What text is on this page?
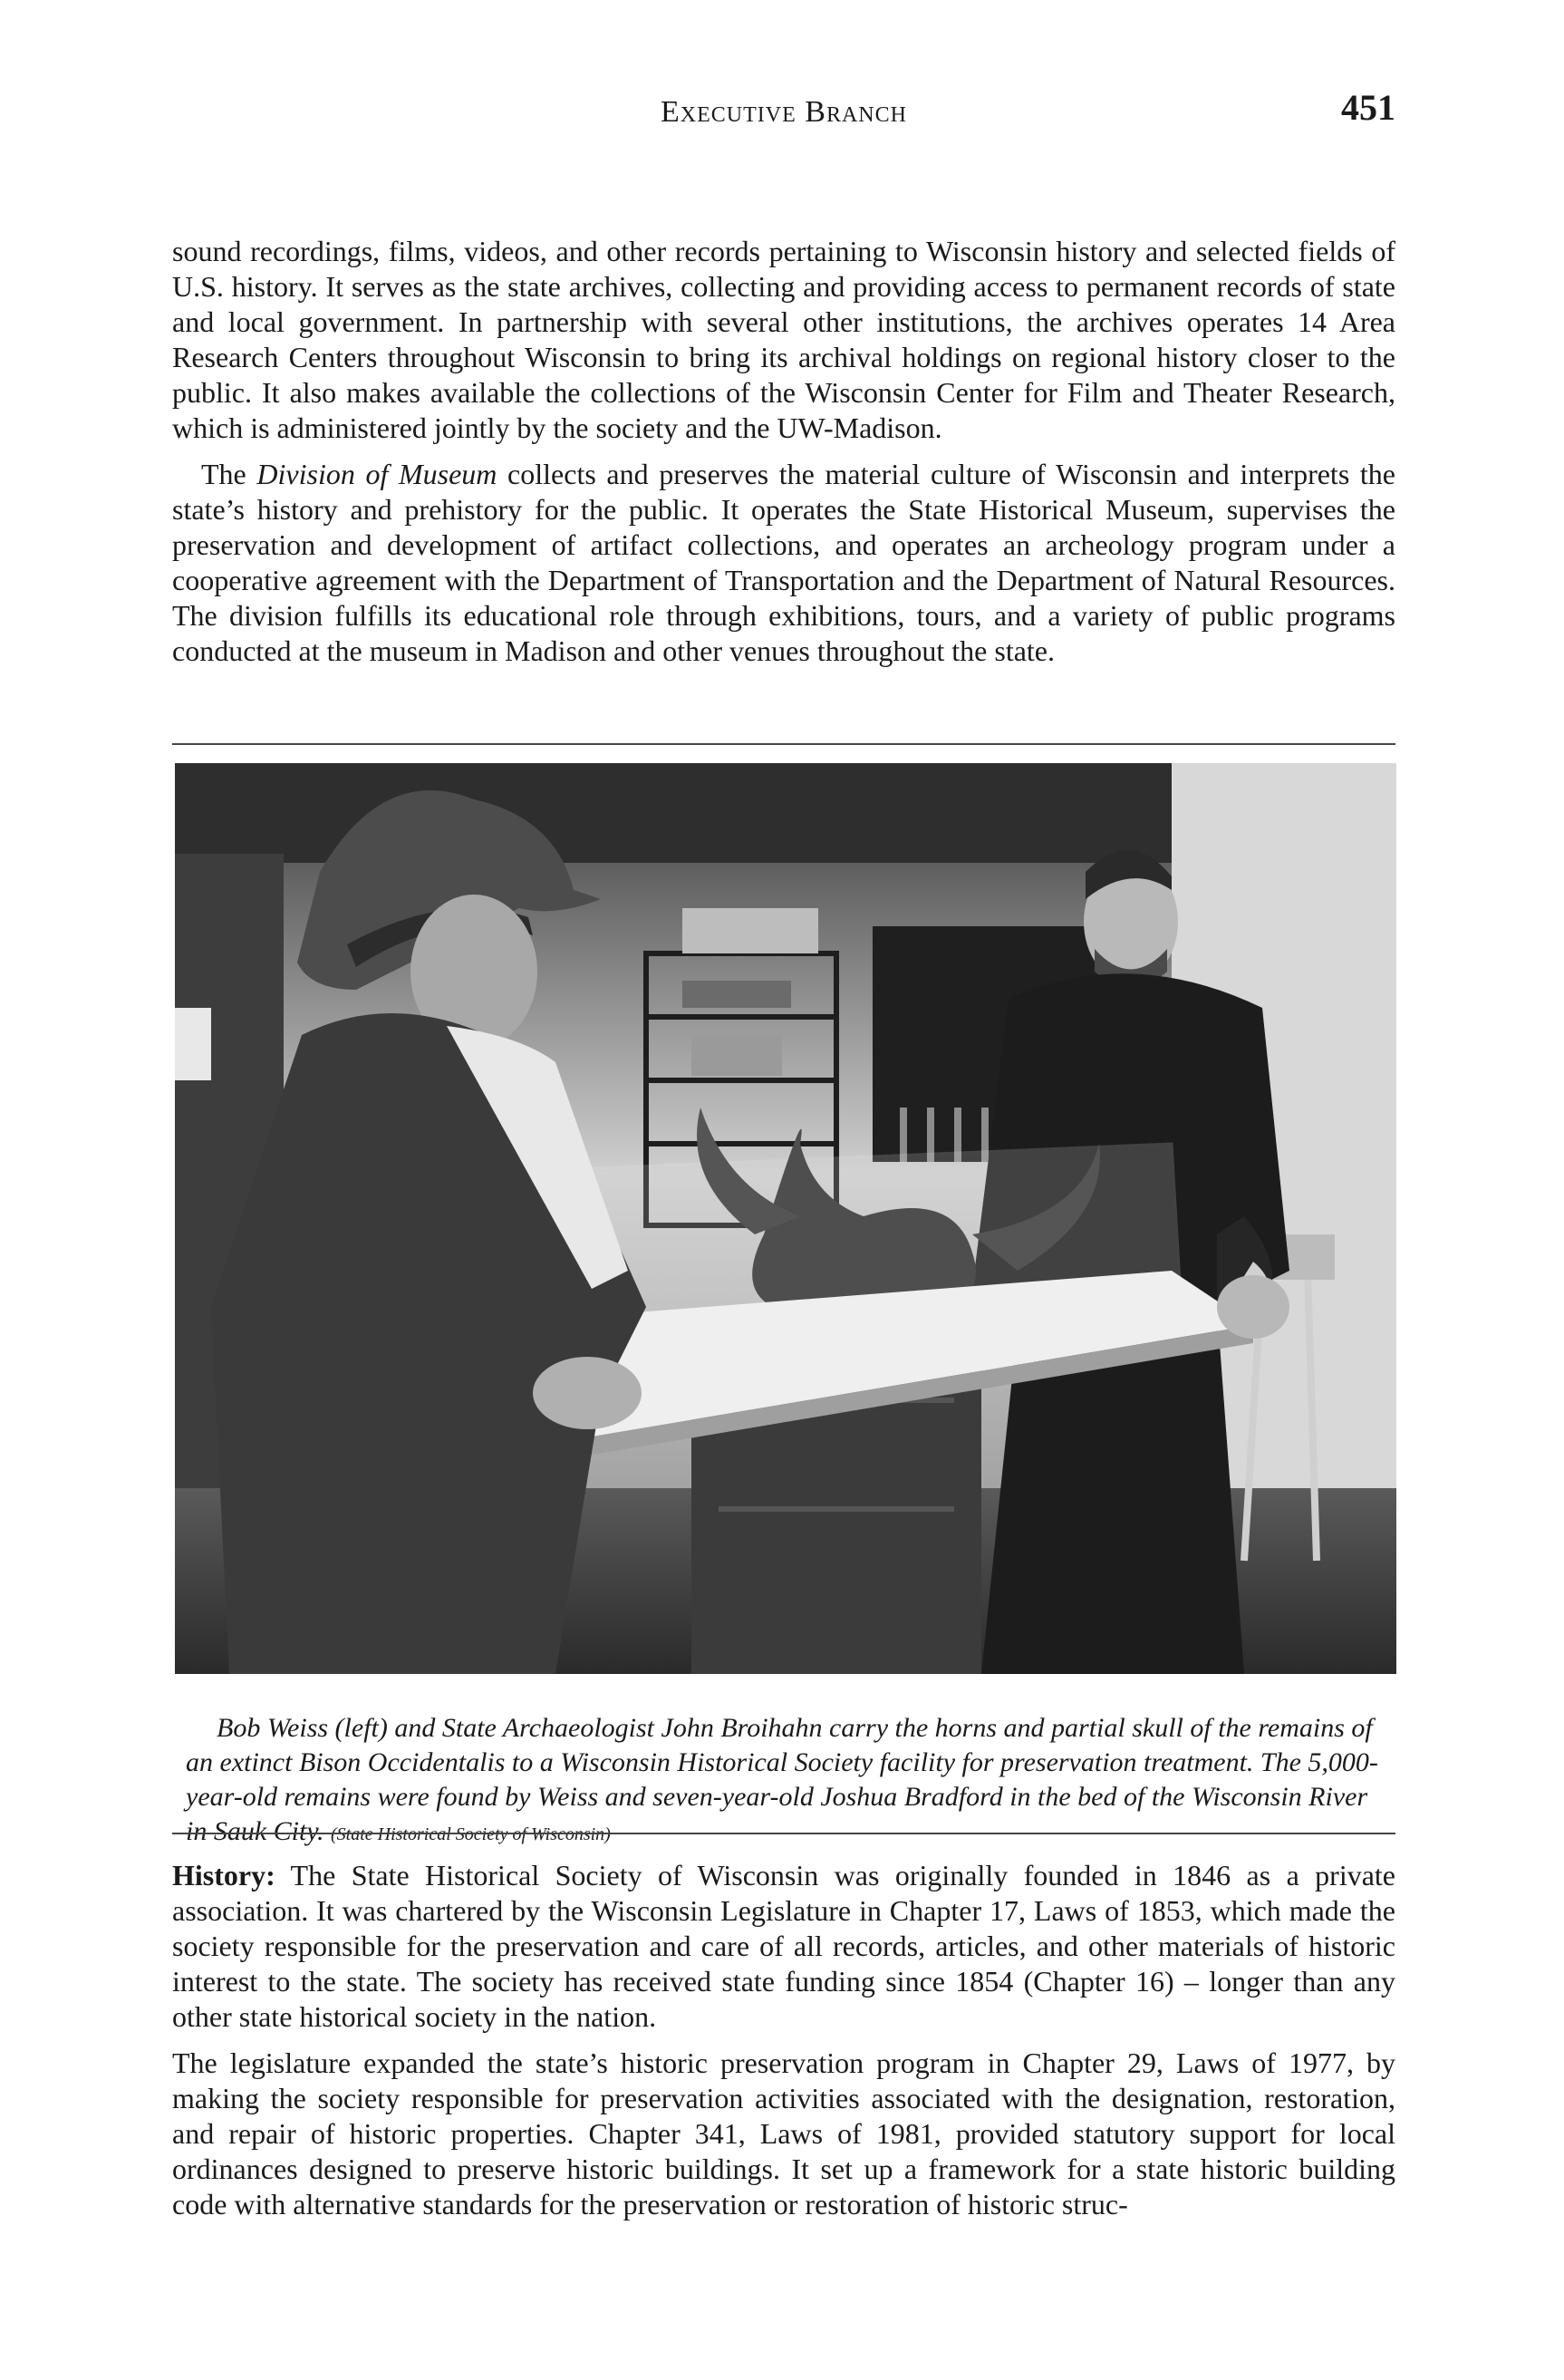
Executive Branch	451

sound recordings, films, videos, and other records pertaining to Wisconsin history and selected fields of U.S. history. It serves as the state archives, collecting and providing access to permanent records of state and local government. In partnership with several other institutions, the archives operates 14 Area Research Centers throughout Wisconsin to bring its archival holdings on regional history closer to the public. It also makes available the collections of the Wisconsin Center for Film and Theater Research, which is administered jointly by the society and the UW-Madison.

The Division of Museum collects and preserves the material culture of Wisconsin and interprets the state’s history and prehistory for the public. It operates the State Historical Museum, supervises the preservation and development of artifact collections, and operates an archeology program under a cooperative agreement with the Department of Transportation and the Department of Natural Resources. The division fulfills its educational role through exhibitions, tours, and a variety of public programs conducted at the museum in Madison and other venues throughout the state.

Bob Weiss (left) and State Archaeologist John Broihahn carry the horns and partial skull of the remains of an extinct Bison Occidentalis to a Wisconsin Historical Society facility for preservation treatment. The 5,000-year-old remains were found by Weiss and seven-year-old Joshua Bradford in the bed of the Wisconsin River in Sauk City. (State Historical Society of Wisconsin)

History: The State Historical Society of Wisconsin was originally founded in 1846 as a private association. It was chartered by the Wisconsin Legislature in Chapter 17, Laws of 1853, which made the society responsible for the preservation and care of all records, articles, and other materials of historic interest to the state. The society has received state funding since 1854 (Chapter 16) – longer than any other state historical society in the nation.

The legislature expanded the state’s historic preservation program in Chapter 29, Laws of 1977, by making the society responsible for preservation activities associated with the designation, restoration, and repair of historic properties. Chapter 341, Laws of 1981, provided statutory support for local ordinances designed to preserve historic buildings. It set up a framework for a state historic building code with alternative standards for the preservation or restoration of historic struc-
